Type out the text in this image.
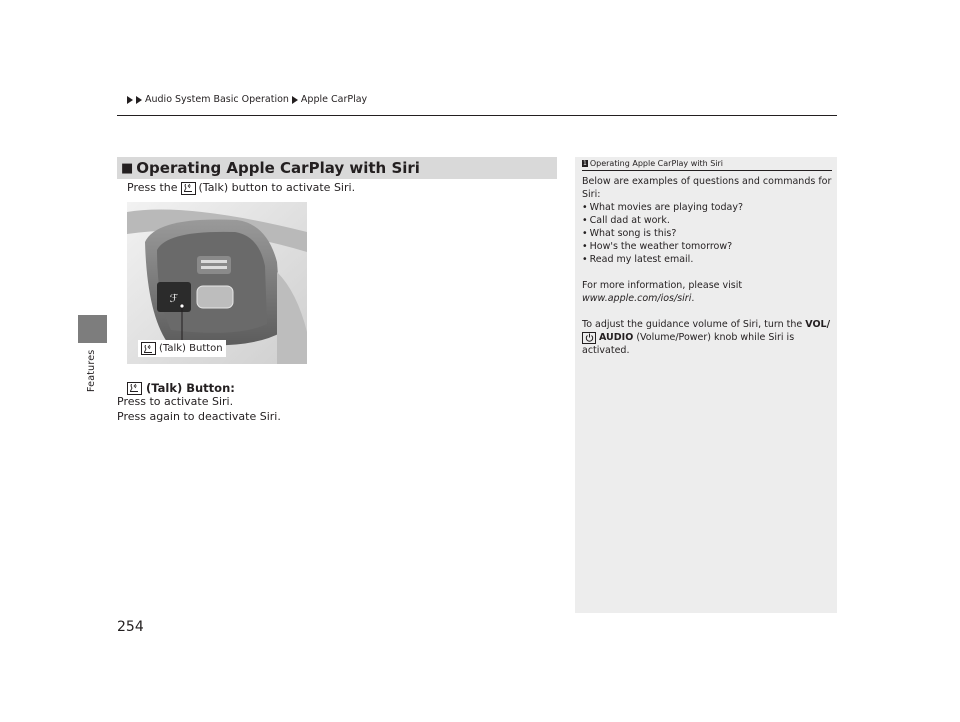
Features
254
Audio System Basic Operation Apple CarPlay
■ Operating Apple CarPlay with Siri
Press the (Talk) button to activate Siri.
ℱ
(Talk) Button
(Talk) Button:
Press to activate Siri.
Press again to deactivate Siri.
1 Operating Apple CarPlay with Siri
Below are examples of questions and commands for Siri:
• What movies are playing today?
• Call dad at work.
• What song is this?
• How's the weather tomorrow?
• Read my latest email.
For more information, please visit
www.apple.com/ios/siri.
To adjust the guidance volume of Siri, turn the VOL/
AUDIO (Volume/Power) knob while Siri is activated.
